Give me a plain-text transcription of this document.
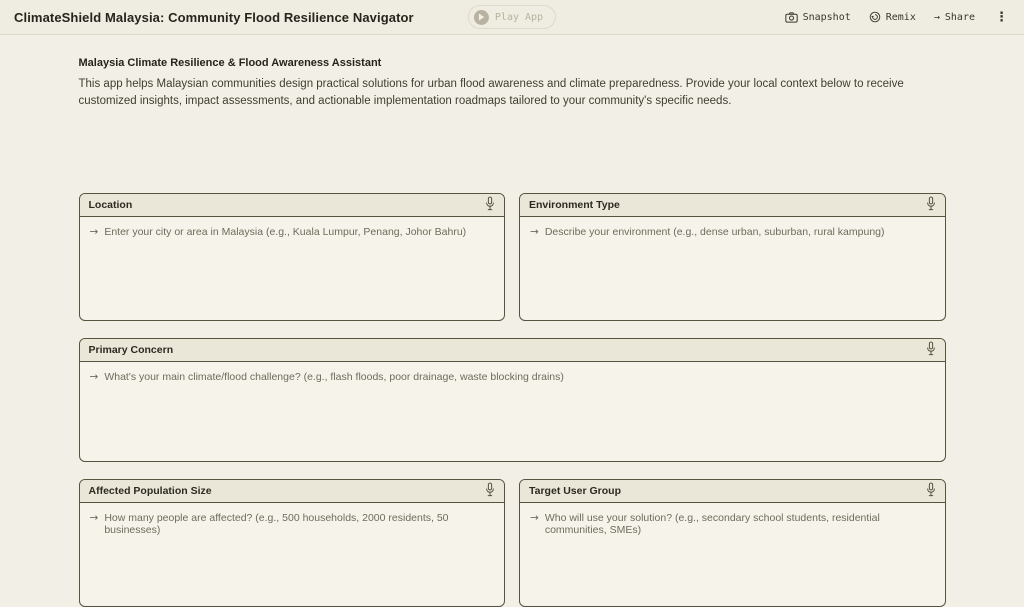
ClimateShield Malaysia: Community Flood Resilience Navigator	Play App	Snapshot	Remix → Share ⋮
Malaysia Climate Resilience & Flood Awareness Assistant

This app helps Malaysian communities design practical solutions for urban flood awareness and climate preparedness. Provide your local context below to receive customized insights, impact assessments, and actionable implementation roadmaps tailored to your community's specific needs.

Location
→ Enter your city or area in Malaysia (e.g., Kuala Lumpur, Penang, Johor Bahru)
Environment Type
→ Describe your environment (e.g., dense urban, suburban, rural kampung)
Primary Concern
→ What's your main climate/flood challenge? (e.g., flash floods, poor drainage, waste blocking drains)
Affected Population Size
→ How many people are affected? (e.g., 500 households, 2000 residents, 50 businesses)
Target User Group
→ Who will use your solution? (e.g., secondary school students, residential communities, SMEs)
